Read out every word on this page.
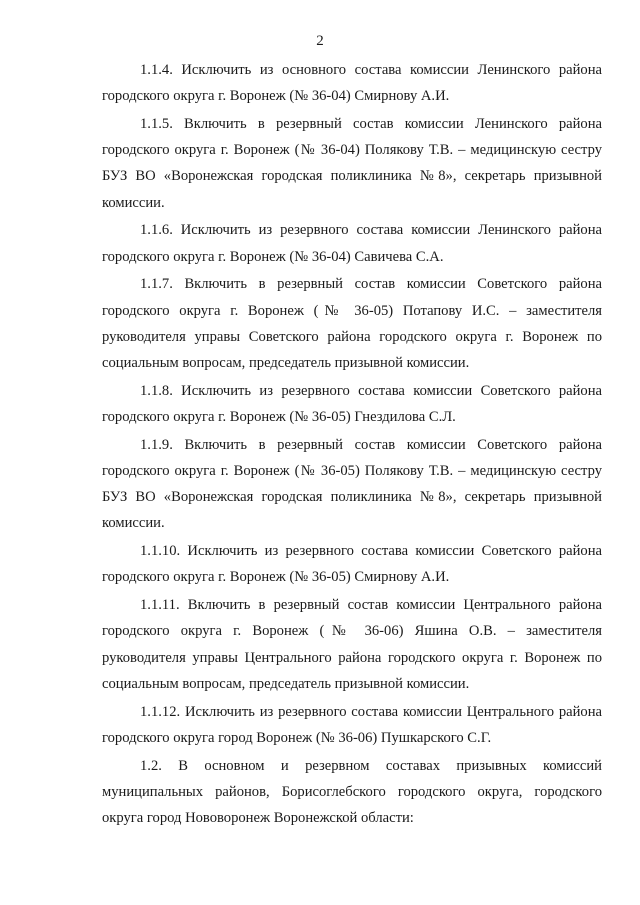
2

1.1.4. Исключить из основного состава комиссии Ленинского района городского округа г. Воронеж (№ 36-04) Смирнову А.И.

1.1.5. Включить в резервный состав комиссии Ленинского района городского округа г. Воронеж (№ 36-04) Полякову Т.В. – медицинскую сестру БУЗ ВО «Воронежская городская поликлиника №8», секретарь призывной комиссии.

1.1.6. Исключить из резервного состава комиссии Ленинского района городского округа г. Воронеж (№ 36-04) Савичева С.А.

1.1.7. Включить в резервный состав комиссии Советского района городского округа г. Воронеж (№ 36-05) Потапову И.С. – заместителя руководителя управы Советского района городского округа г. Воронеж по социальным вопросам, председатель призывной комиссии.

1.1.8. Исключить из резервного состава комиссии Советского района городского округа г. Воронеж (№ 36-05) Гнездилова С.Л.

1.1.9. Включить в резервный состав комиссии Советского района городского округа г. Воронеж (№ 36-05) Полякову Т.В. – медицинскую сестру БУЗ ВО «Воронежская городская поликлиника №8», секретарь призывной комиссии.

1.1.10. Исключить из резервного состава комиссии Советского района городского округа г. Воронеж (№ 36-05) Смирнову А.И.

1.1.11. Включить в резервный состав комиссии Центрального района городского округа г. Воронеж (№ 36-06) Яшина О.В. – заместителя руководителя управы Центрального района городского округа г. Воронеж по социальным вопросам, председатель призывной комиссии.

1.1.12. Исключить из резервного состава комиссии Центрального района городского округа город Воронеж (№ 36-06) Пушкарского С.Г.

1.2. В основном и резервном составах призывных комиссий муниципальных районов, Борисоглебского городского округа, городского округа город Нововоронеж Воронежской области:
